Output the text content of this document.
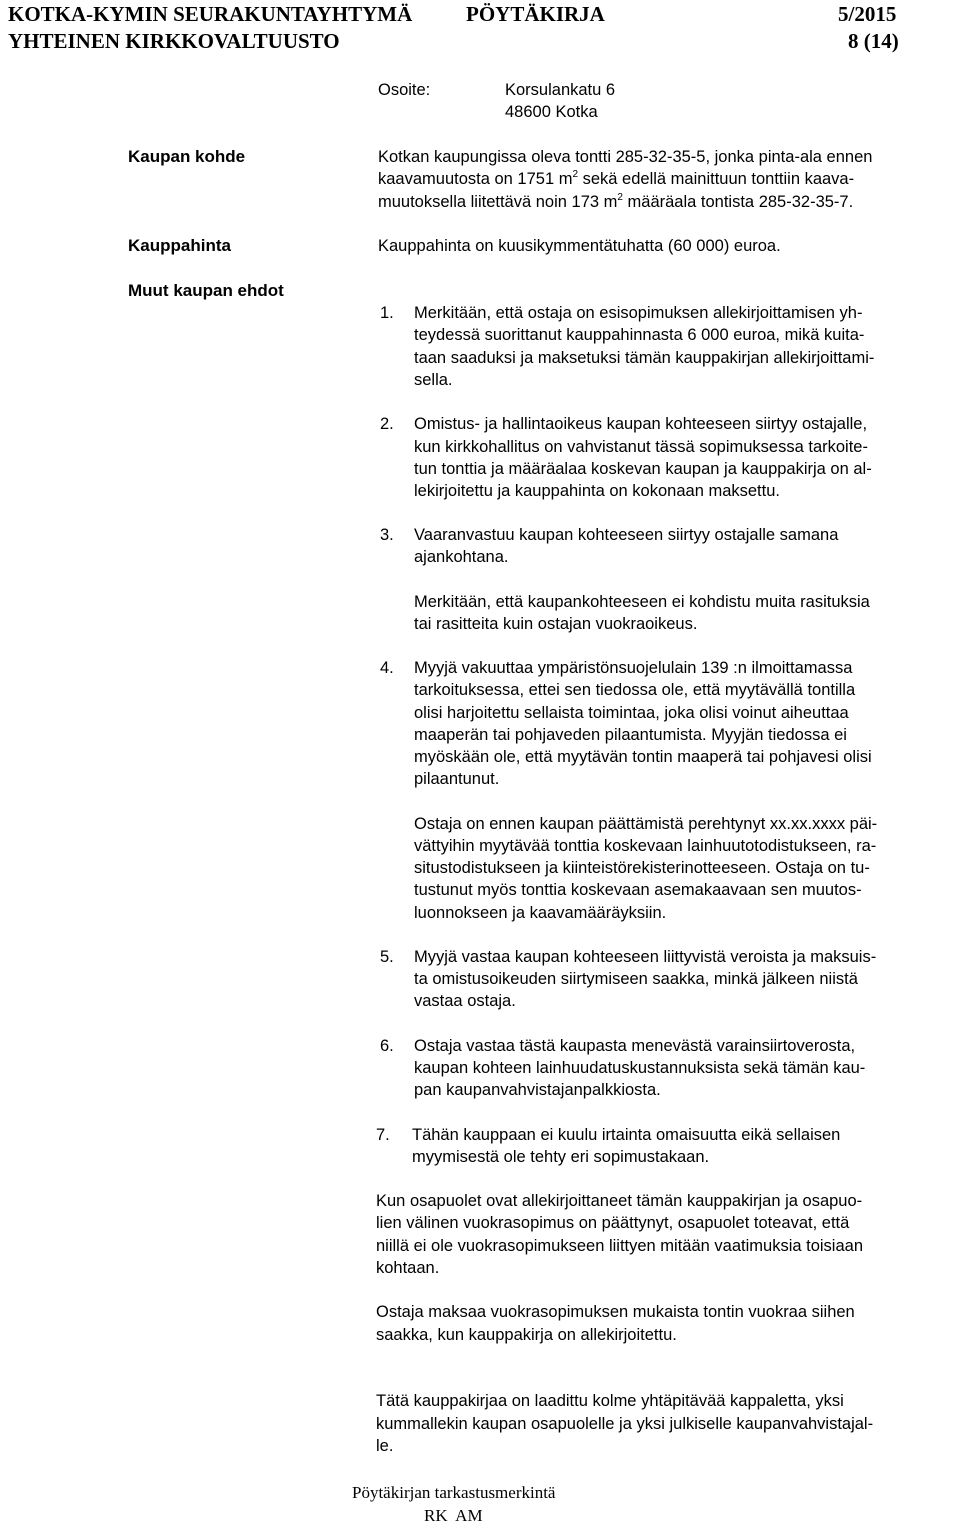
KOTKA-KYMIN SEURAKUNTAYHTYMÄ
YHTEINEN KIRKKOVALTUUSTO
PÖYTÄKIRJA	5/2015
8 (14)
Osoite:	Korsulankatu 6
48600 Kotka
Kaupan kohde	Kotkan kaupungissa oleva tontti 285-32-35-5, jonka pinta-ala ennen
kaavamuutosta on 1751 $m^2$ sekä edellä mainittuun tonttiin kaava-
muutoksella liitettävä noin 173 $m^2$ määräala tontista 285-32-35-7.
Kauppahinta	Kauppahinta on kuusikymmentätuhatta (60 000) euroa.
Muut kaupan ehdot
1. Merkitään, että ostaja on esisopimuksen allekirjoittamisen yh-
teydessä suorittanut kauppahinnasta 6 000 euroa, mikä kuita-
taan saaduksi ja maksetuksi tämän kauppakirjan allekirjoittami-
sella.
2. Omistus- ja hallintaoikeus kaupan kohteeseen siirtyy ostajalle,
kun kirkkohallitus on vahvistanut tässä sopimuksessa tarkoite-
tun tonttia ja määräalaa koskevan kaupan ja kauppakirja on al-
lekirjoitettu ja kauppahinta on kokonaan maksettu.
3. Vaaranvastuu kaupan kohteeseen siirtyy ostajalle samana
ajankohtana.
Merkitään, että kaupankohteeseen ei kohdistu muita rasituksia
tai rasitteita kuin ostajan vuokraoikeus.
4. Myyjä vakuuttaa ympäristönsuojelulain 139 :n ilmoittamassa
tarkoituksessa, ettei sen tiedossa ole, että myytävällä tontilla
olisi harjoitettu sellaista toimintaa, joka olisi voinut aiheuttaa
maaperän tai pohjaveden pilaantumista. Myyjän tiedossa ei
myöskään ole, että myytävän tontin maaperä tai pohjavesi olisi
pilaantunut.
Ostaja on ennen kaupan päättämistä perehtynyt xx.xx.xxxx päi-
vättyihin myytävää tonttia koskevaan lainhuutotodistukseen, ra-
situstodistukseen ja kiinteistörekisterinotteeseen. Ostaja on tu-
tustunut myös tonttia koskevaan asemakaavaan sen muutos-
luonnokseen ja kaavamääräyksiin.
5. Myyjä vastaa kaupan kohteeseen liittyvistä veroista ja maksuis-
ta omistusoikeuden siirtymiseen saakka, minkä jälkeen niistä
vastaa ostaja.
6. Ostaja vastaa tästä kaupasta menevästä varainsiirtoverosta,
kaupan kohteen lainhuudatuskustannuksista sekä tämän kau-
pan kaupanvahvistajanpalkkiosta.
7. Tähän kauppaan ei kuulu irtainta omaisuutta eikä sellaisen
myymisestä ole tehty eri sopimustakaan.
Kun osapuolet ovat allekirjoittaneet tämän kauppakirjan ja osapuo-
lien välinen vuokrasopimus on päättynyt, osapuolet toteavat, että
niillä ei ole vuokrasopimukseen liittyen mitään vaatimuksia toisiaan
kohtaan.
Ostaja maksaa vuokrasopimuksen mukaista tontin vuokraa siihen
saakka, kun kauppakirja on allekirjoitettu.
Tätä kauppakirjaa on laadittu kolme yhtäpitävää kappaletta, yksi
kummallekin kaupan osapuolelle ja yksi julkiselle kaupanvahvistajal-
le.
Pöytäkirjan tarkastusmerkintä
RK  AM
